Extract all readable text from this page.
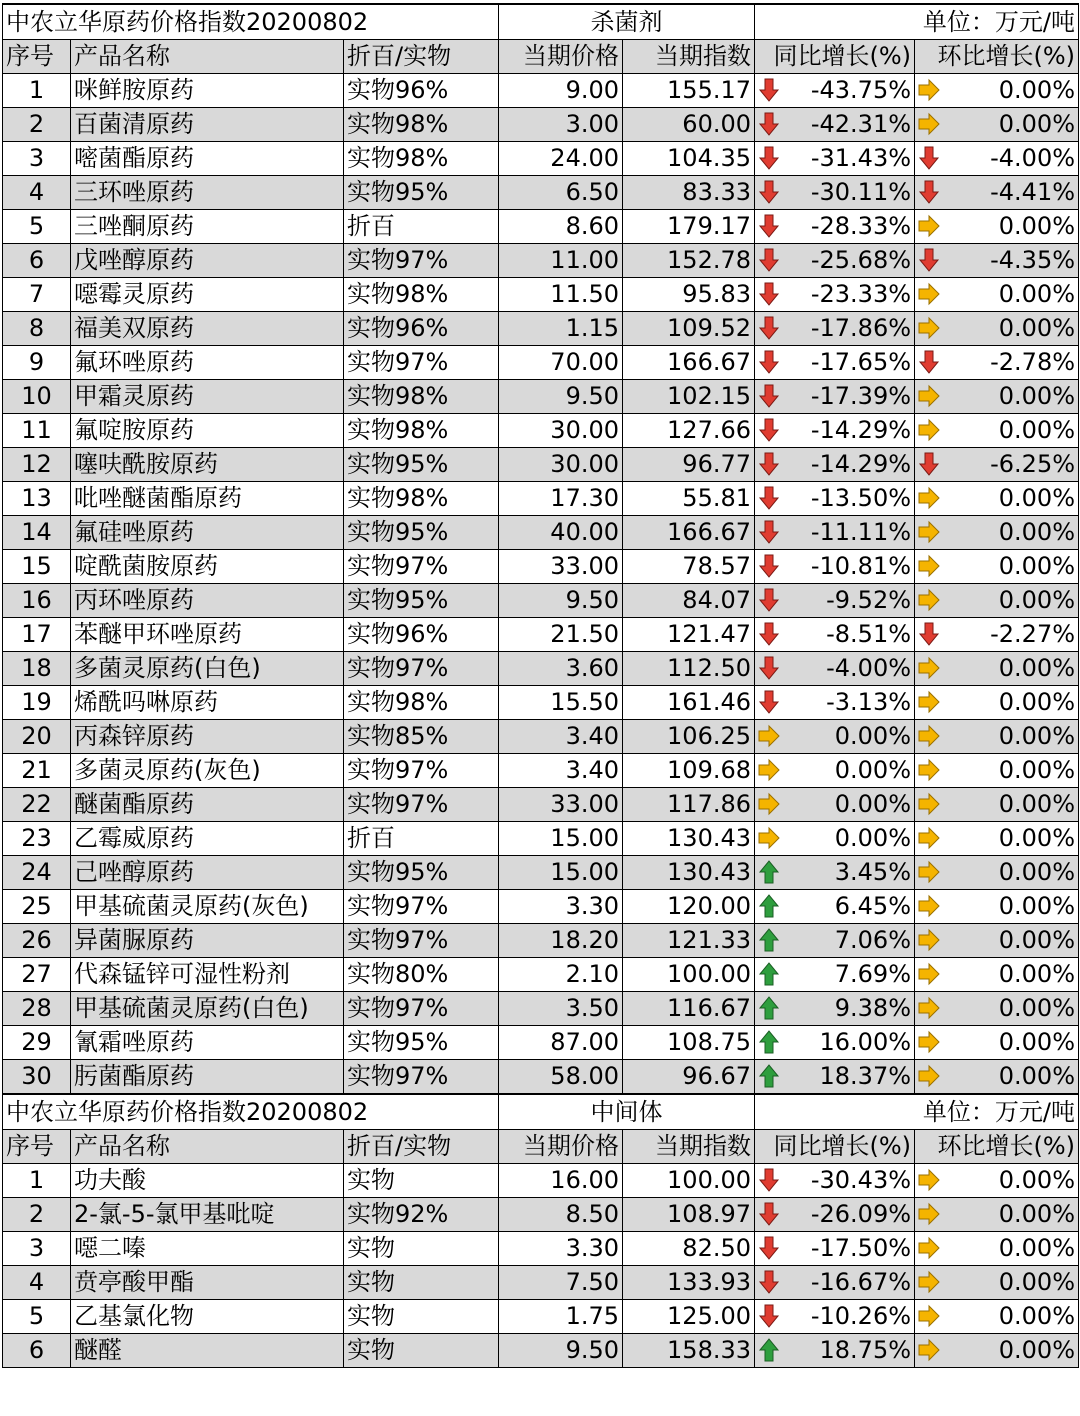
中农立华原药价格指数20200802			杀菌剂		单位：万元/吨	
序号	产品名称	折百/实物	当期价格	当期指数	同比增长(%)	环比增长(%)
1	咪鲜胺原药	实物96%	9.00	155.17	-43.75%	0.00%
2	百菌清原药	实物98%	3.00	60.00	-42.31%	0.00%
3	嘧菌酯原药	实物98%	24.00	104.35	-31.43%	-4.00%
4	三环唑原药	实物95%	6.50	83.33	-30.11%	-4.41%
5	三唑酮原药	折百	8.60	179.17	-28.33%	0.00%
6	戊唑醇原药	实物97%	11.00	152.78	-25.68%	-4.35%
7	噁霉灵原药	实物98%	11.50	95.83	-23.33%	0.00%
8	福美双原药	实物96%	1.15	109.52	-17.86%	0.00%
9	氟环唑原药	实物97%	70.00	166.67	-17.65%	-2.78%
10	甲霜灵原药	实物98%	9.50	102.15	-17.39%	0.00%
11	氟啶胺原药	实物98%	30.00	127.66	-14.29%	0.00%
12	噻呋酰胺原药	实物95%	30.00	96.77	-14.29%	-6.25%
13	吡唑醚菌酯原药	实物98%	17.30	55.81	-13.50%	0.00%
14	氟硅唑原药	实物95%	40.00	166.67	-11.11%	0.00%
15	啶酰菌胺原药	实物97%	33.00	78.57	-10.81%	0.00%
16	丙环唑原药	实物95%	9.50	84.07	-9.52%	0.00%
17	苯醚甲环唑原药	实物96%	21.50	121.47	-8.51%	-2.27%
18	多菌灵原药(白色)	实物97%	3.60	112.50	-4.00%	0.00%
19	烯酰吗啉原药	实物98%	15.50	161.46	-3.13%	0.00%
20	丙森锌原药	实物85%	3.40	106.25	0.00%	0.00%
21	多菌灵原药(灰色)	实物97%	3.40	109.68	0.00%	0.00%
22	醚菌酯原药	实物97%	33.00	117.86	0.00%	0.00%
23	乙霉威原药	折百	15.00	130.43	0.00%	0.00%
24	己唑醇原药	实物95%	15.00	130.43	3.45%	0.00%
25	甲基硫菌灵原药(灰色)	实物97%	3.30	120.00	6.45%	0.00%
26	异菌脲原药	实物97%	18.20	121.33	7.06%	0.00%
27	代森锰锌可湿性粉剂	实物80%	2.10	100.00	7.69%	0.00%
28	甲基硫菌灵原药(白色)	实物97%	3.50	116.67	9.38%	0.00%
29	氰霜唑原药	实物95%	87.00	108.75	16.00%	0.00%
30	肟菌酯原药	实物97%	58.00	96.67	18.37%	0.00%
中农立华原药价格指数20200802			中间体		单位：万元/吨	
序号	产品名称	折百/实物	当期价格	当期指数	同比增长(%)	环比增长(%)
1	功夫酸	实物	16.00	100.00	-30.43%	0.00%
2	2-氯-5-氯甲基吡啶	实物92%	8.50	108.97	-26.09%	0.00%
3	噁二嗪	实物	3.30	82.50	-17.50%	0.00%
4	贲亭酸甲酯	实物	7.50	133.93	-16.67%	0.00%
5	乙基氯化物	实物	1.75	125.00	-10.26%	0.00%
6	醚醛	实物	9.50	158.33	18.75%	0.00%
